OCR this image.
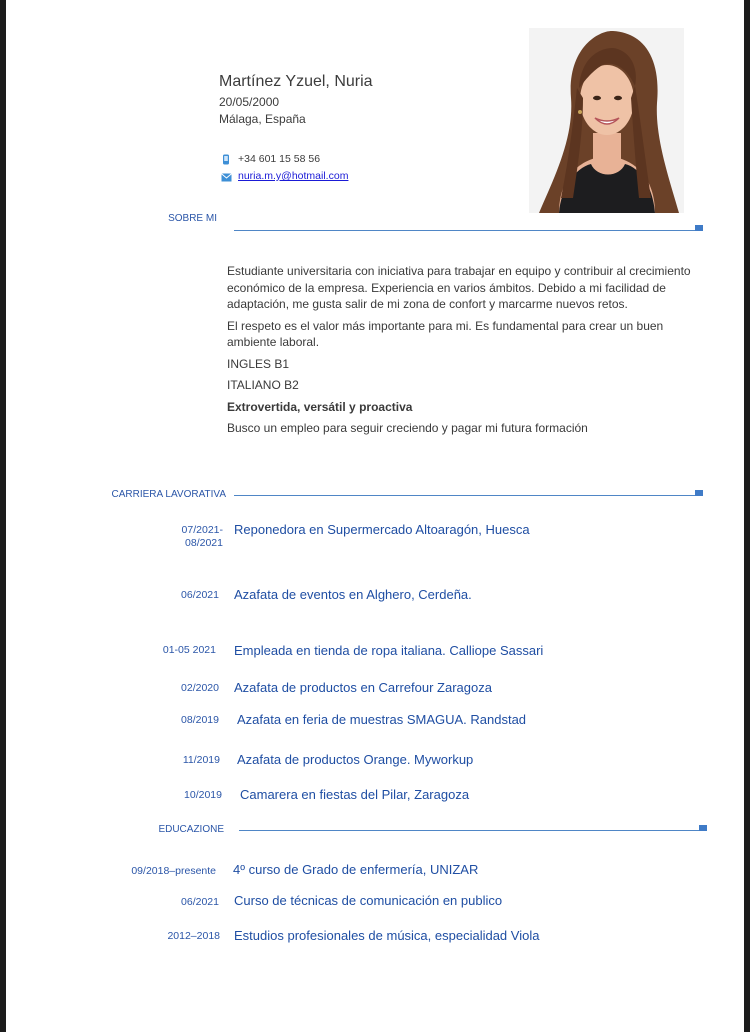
Martínez Yzuel, Nuria
20/05/2000
Málaga, España
+34 601 15 58 56
nuria.m.y@hotmail.com
SOBRE MI

Estudiante universitaria con iniciativa para trabajar en equipo y contribuir al crecimiento económico de la empresa. Experiencia en varios ámbitos. Debido a mi facilidad de adaptación, me gusta salir de mi zona de confort y marcarme nuevos retos.

El respeto es el valor más importante para mi. Es fundamental para crear un buen ambiente laboral.

INGLES B1

ITALIANO B2

Extrovertida, versátil y proactiva

Busco un empleo para seguir creciendo y pagar mi futura formación

CARRIERA LAVORATIVA
07/2021-
08/2021
Reponedora en Supermercado Altoaragón, Huesca
06/2021 Azafata de eventos en Alghero, Cerdeña.
01-05 2021 Empleada en tienda de ropa italiana. Calliope Sassari
02/2020 Azafata de productos en Carrefour Zaragoza
08/2019 Azafata en feria de muestras SMAGUA. Randstad
11/2019 Azafata de productos Orange. Myworkup
10/2019 Camarera en fiestas del Pilar, Zaragoza
EDUCAZIONE
09/2018–presente 4º curso de Grado de enfermería, UNIZAR
06/2021 Curso de técnicas de comunicación en publico
2012–2018 Estudios profesionales de música, especialidad Viola
